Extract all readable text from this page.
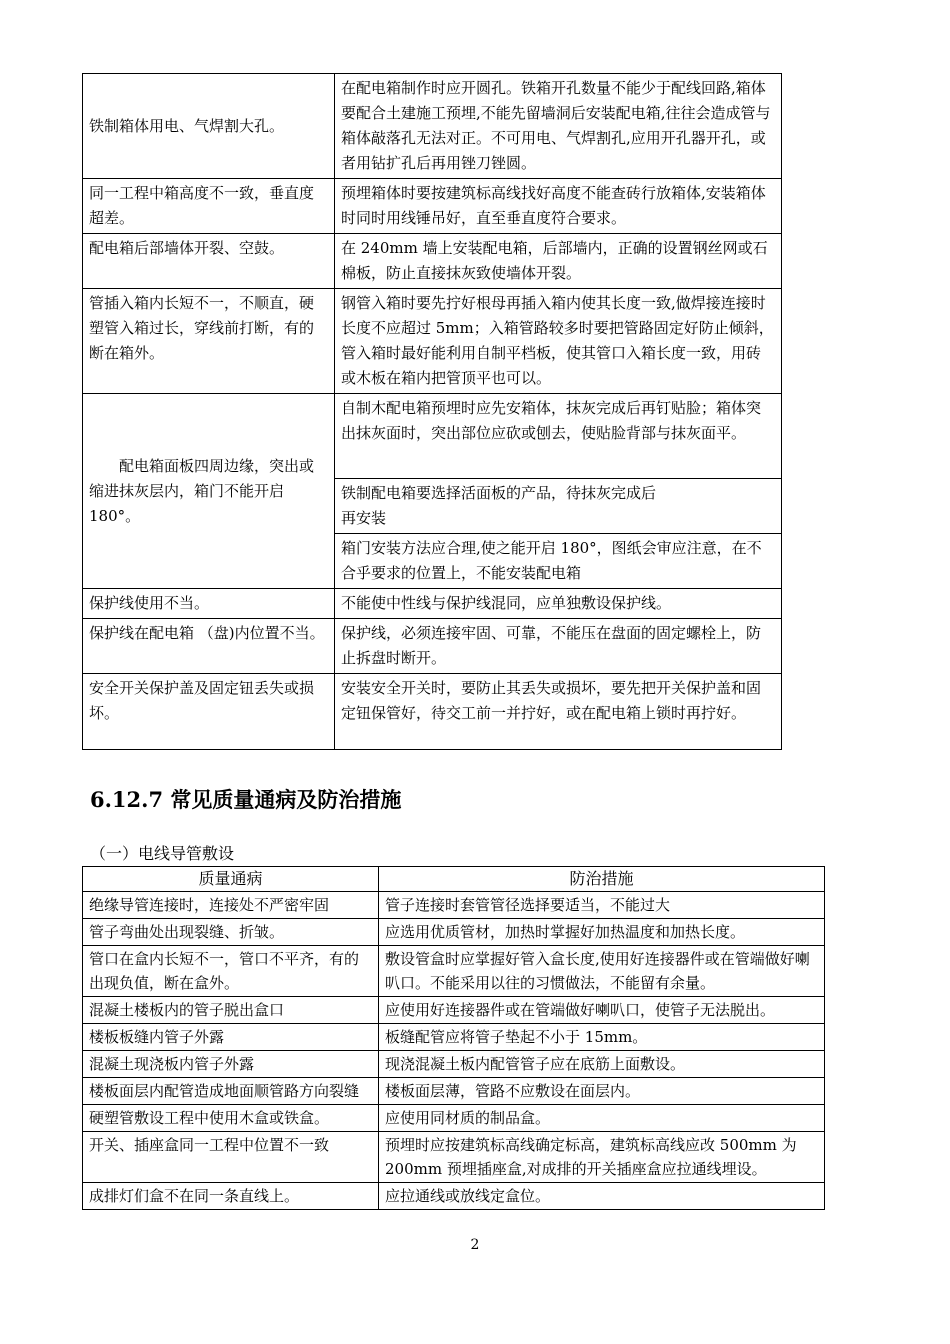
铁制箱体用电、气焊割大孔。	在配电箱制作时应开圆孔。铁箱开孔数量不能少于配线回路,箱体要配合土建施工预埋,不能先留墙洞后安装配电箱,往往会造成管与箱体敲落孔无法对正。不可用电、气焊割孔,应用开孔器开孔，或者用钻扩孔后再用锉刀锉圆。
同一工程中箱高度不一致，垂直度超差。	预埋箱体时要按建筑标高线找好高度不能查砖行放箱体,安装箱体时同时用线锤吊好，直至垂直度符合要求。
配电箱后部墙体开裂、空鼓。	在 240mm 墙上安装配电箱，后部墙内，正确的设置钢丝网或石棉板，防止直接抹灰致使墙体开裂。
管插入箱内长短不一，不顺直，硬塑管入箱过长，穿线前打断，有的断在箱外。	钢管入箱时要先拧好根母再插入箱内使其长度一致,做焊接连接时长度不应超过 5mm；入箱管路较多时要把管路固定好防止倾斜，管入箱时最好能利用自制平档板，使其管口入箱长度一致，用砖或木板在箱内把管顶平也可以。
配电箱面板四周边缘，突出或缩进抹灰层内，箱门不能开启 180°。	自制木配电箱预埋时应先安箱体，抹灰完成后再钉贴脸；箱体突出抹灰面时，突出部位应砍或刨去，使贴脸背部与抹灰面平。
	铁制配电箱要选择活面板的产品，待抹灰完成后
再安装
	箱门安装方法应合理,使之能开启 180°，图纸会审应注意，在不合乎要求的位置上，不能安装配电箱
保护线使用不当。	不能使中性线与保护线混同，应单独敷设保护线。
保护线在配电箱 （盘)内位置不当。	保护线，必须连接牢固、可靠，不能压在盘面的固定螺栓上，防止拆盘时断开。
安全开关保护盖及固定钮丢失或损坏。	安装安全开关时，要防止其丢失或损坏，要先把开关保护盖和固定钮保管好，待交工前一并拧好，或在配电箱上锁时再拧好。
6.12.7 常见质量通病及防治措施
（一）电线导管敷设
质量通病	防治措施
绝缘导管连接时，连接处不严密牢固	管子连接时套管管径选择要适当，不能过大
管子弯曲处出现裂缝、折皱。	应选用优质管材，加热时掌握好加热温度和加热长度。
管口在盒内长短不一，管口不平齐，有的出现负值，断在盒外。	敷设管盒时应掌握好管入盒长度,使用好连接器件或在管端做好喇叭口。不能采用以往的习惯做法，不能留有余量。
混凝土楼板内的管子脱出盒口	应使用好连接器件或在管端做好喇叭口，使管子无法脱出。
楼板板缝内管子外露	板缝配管应将管子垫起不小于 15mm。
混凝土现浇板内管子外露	现浇混凝土板内配管管子应在底筋上面敷设。
楼板面层内配管造成地面顺管路方向裂缝	楼板面层薄，管路不应敷设在面层内。
硬塑管敷设工程中使用木盒或铁盒。	应使用同材质的制品盒。
开关、插座盒同一工程中位置不一致	预埋时应按建筑标高线确定标高，建筑标高线应改 500mm 为 200mm 预埋插座盒,对成排的开关插座盒应拉通线埋设。
成排灯们盒不在同一条直线上。	应拉通线或放线定盒位。
2
